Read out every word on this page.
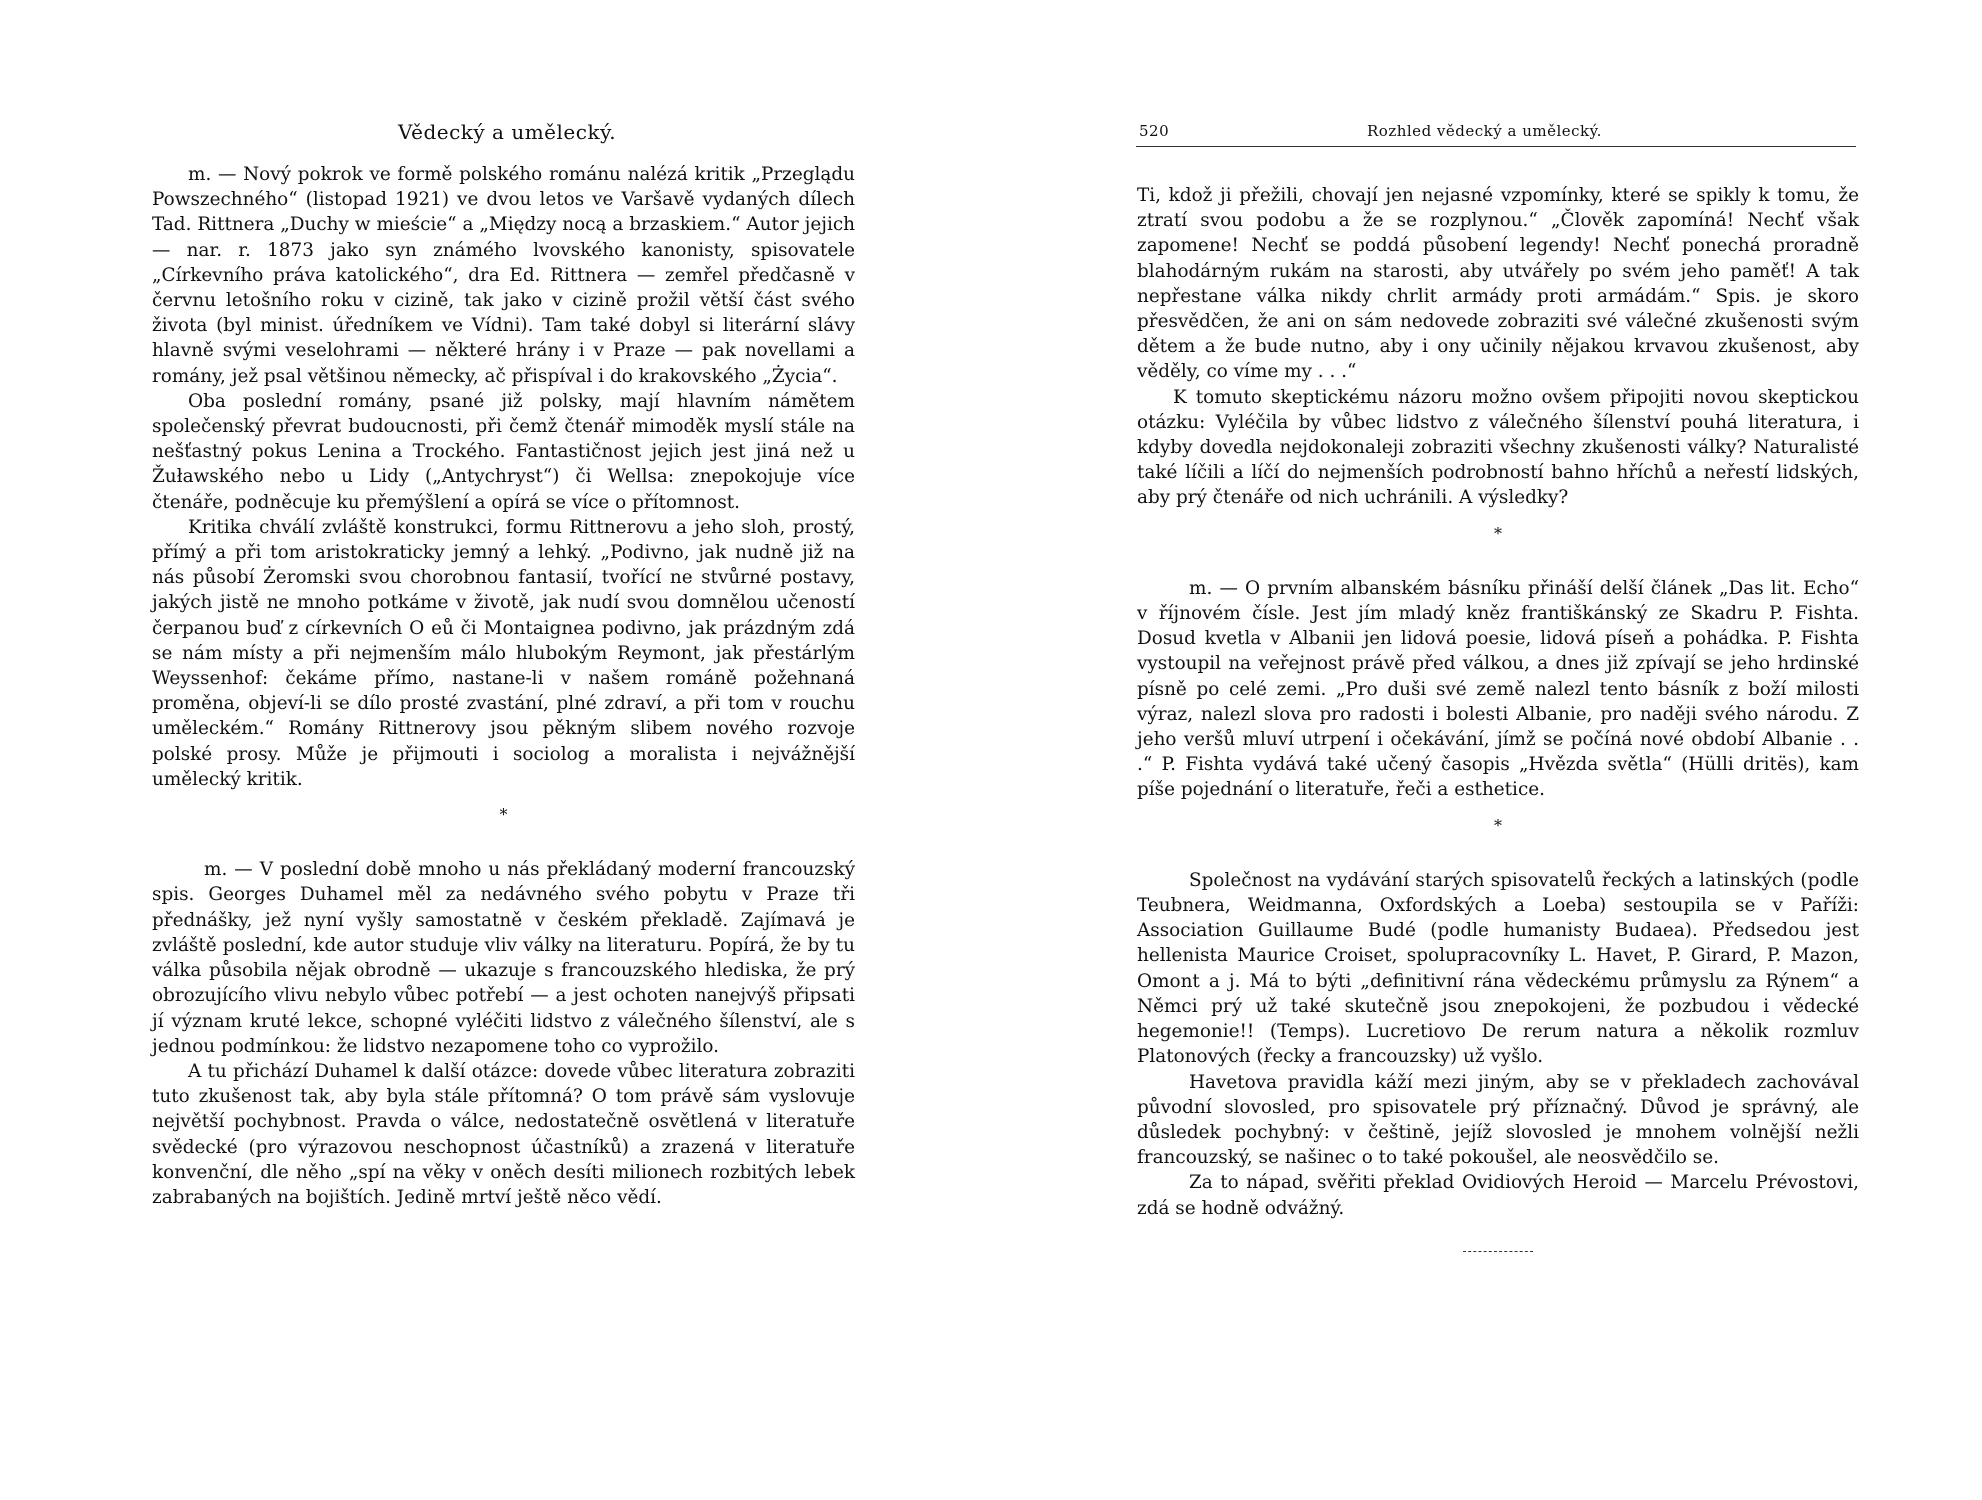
Vědecký a umělecký.

m. — Nový pokrok ve formě polského románu nalézá kritik „Przeglądu Powszechného“ (listopad 1921) ve dvou letos ve Varšavě vydaných dílech Tad. Rittnera „Duchy w mieście“ a „Między nocą a brzaskiem.“ Autor jejich — nar. r. 1873 jako syn známého lvovského kanonisty, spisovatele „Církevního práva katolického“, dra Ed. Rittnera — zemřel předčasně v červnu letošního roku v cizině, tak jako v cizině prožil větší část svého života (byl minist. úředníkem ve Vídni). Tam také dobyl si literární slávy hlavně svými veselohrami — některé hrány i v Praze — pak novellami a romány, jež psal většinou německy, ač přispíval i do krakovského „Życia“.

Oba poslední romány, psané již polsky, mají hlavním námětem společenský převrat budoucnosti, při čemž čtenář mimoděk myslí stále na nešťastný pokus Lenina a Trockého. Fantastičnost jejich jest jiná než u Žuławského nebo u Lidy („Antychryst“) či Wellsa: znepokojuje více čtenáře, podněcuje ku přemýšlení a opírá se více o přítomnost.

Kritika chválí zvláště konstrukci, formu Rittnerovu a jeho sloh, prostý, přímý a při tom aristokraticky jemný a lehký. „Podivno, jak nudně již na nás působí Żeromski svou chorobnou fantasií, tvořící ne stvůrné postavy, jakých jistě ne mnoho potkáme v životě, jak nudí svou domnělou učeností čerpanou buď z církevních O eů či Montaignea podivno, jak prázdným zdá se nám místy a při nejmenším málo hlubokým Reymont, jak přestárlým Weyssenhof: čekáme přímo, nastane-li v našem románě požehnaná proměna, objeví-li se dílo prosté zvastání, plné zdraví, a při tom v rouchu uměleckém.“ Romány Rittnerovy jsou pěkným slibem nového rozvoje polské prosy. Může je přijmouti i sociolog a moralista i nejvážnější umělecký kritik.

*

m. — V poslední době mnoho u nás překládaný moderní francouzský spis. Georges Duhamel měl za nedávného svého pobytu v Praze tři přednášky, jež nyní vyšly samostatně v českém překladě. Zajímavá je zvláště poslední, kde autor studuje vliv války na literaturu. Popírá, že by tu válka působila nějak obrodně — ukazuje s francouzského hlediska, že prý obrozujícího vlivu nebylo vůbec potřebí — a jest ochoten nanejvýš připsati jí význam kruté lekce, schopné vyléčiti lidstvo z válečného šílenství, ale s jednou podmínkou: že lidstvo nezapomene toho co vyprožilo.

A tu přichází Duhamel k další otázce: dovede vůbec literatura zobraziti tuto zkušenost tak, aby byla stále přítomná? O tom právě sám vyslovuje největší pochybnost. Pravda o válce, nedostatečně osvětlená v literatuře svědecké (pro výrazovou neschopnost účastníků) a zrazená v literatuře konvenční, dle něho „spí na věky v oněch desíti milionech rozbitých lebek zabrabaných na bojištích. Jedině mrtví ještě něco vědí.

520	Rozhled vědecký a umělecký.

Ti, kdož ji přežili, chovají jen nejasné vzpomínky, které se spikly k tomu, že ztratí svou podobu a že se rozplynou.“ „Člověk zapomíná! Nechť však zapomene! Nechť se poddá působení legendy! Nechť ponechá proradně blahodárným rukám na starosti, aby utvářely po svém jeho paměť! A tak nepřestane válka nikdy chrlit armády proti armádám.“ Spis. je skoro přesvědčen, že ani on sám nedovede zobraziti své válečné zkušenosti svým dětem a že bude nutno, aby i ony učinily nějakou krvavou zkušenost, aby věděly, co víme my . . .“

K tomuto skeptickému názoru možno ovšem připojiti novou skeptickou otázku: Vyléčila by vůbec lidstvo z válečného šílenství pouhá literatura, i kdyby dovedla nejdokonaleji zobraziti všechny zkušenosti války? Naturalisté také líčili a líčí do nejmenších podrobností bahno hříchů a neřestí lidských, aby prý čtenáře od nich uchránili. A výsledky?

*

m. — O prvním albanském básníku přináší delší článek „Das lit. Echo“ v říjnovém čísle. Jest jím mladý kněz františkánský ze Skadru P. Fishta. Dosud kvetla v Albanii jen lidová poesie, lidová píseň a pohádka. P. Fishta vystoupil na veřejnost právě před válkou, a dnes již zpívají se jeho hrdinské písně po celé zemi. „Pro duši své země nalezl tento básník z boží milosti výraz, nalezl slova pro radosti i bolesti Albanie, pro naději svého národu. Z jeho veršů mluví utrpení i očekávání, jímž se počíná nové období Albanie . . .“ P. Fishta vydává také učený časopis „Hvězda světla“ (Hülli dritës), kam píše pojednání o literatuře, řeči a esthetice.

*

Společnost na vydávání starých spisovatelů řeckých a latinských (podle Teubnera, Weidmanna, Oxfordských a Loeba) sestoupila se v Paříži: Association Guillaume Budé (podle humanisty Budaea). Předsedou jest hellenista Maurice Croiset, spolupracovníky L. Havet, P. Girard, P. Mazon, Omont a j. Má to býti „definitivní rána vědeckému průmyslu za Rýnem“ a Němci prý už také skutečně jsou znepokojeni, že pozbudou i vědecké hegemonie!! (Temps). Lucretiovo De rerum natura a několik rozmluv Platonových (řecky a francouzsky) už vyšlo.

Havetova pravidla káží mezi jiným, aby se v překladech zachovával původní slovosled, pro spisovatele prý příznačný. Důvod je správný, ale důsledek pochybný: v češtině, jejíž slovosled je mnohem volnější nežli francouzský, se našinec o to také pokoušel, ale neosvědčilo se.

Za to nápad, svěřiti překlad Ovidiových Heroid — Marcelu Prévostovi, zdá se hodně odvážný.
